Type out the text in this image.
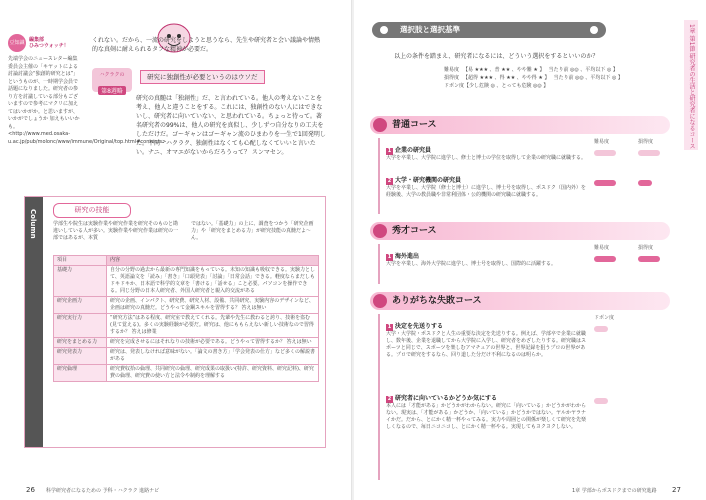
豆知識 編集部
ひみつウォッチ！
先端学会のニュースレター編集委員会主催の「キヤットによる討論討議会“独創的研究とは”」というものが、一時期学会員で話題になりました。研究者の参り方を討議している部分もございますので参考にマクリに加えてはいかがか。と思いますが、いかがでしょうか 加えもいいかも。<http://www.med.osaka-u.ac.jp/pub/molonc/www/immune/Original/top.html#contents>
くれない。だから、一流の研究をしようと思うなら、先生や研究者と会い議論や情熱的な真剣に耐えられるタフな精神が必要だ。
ハクラクの
第8週略
研究に独創性が必要というのはウソだ
研究の真髄は「独創性」だ、と言われている。他人の考えないことを考え、他人と違うことをする。これには、独創性のない人にはできないし、研究者に向いていない、と思われている。ちょっと待って。著名研究者の99%は、他人の研究を真似し、少しずつ自分なりの工夫をしただけだ。ゴーギャンはゴーギャン流のひまわりを一生で1回発明した。不同・ハクラク、独創性はなくても心配しなくていいと言いたい。ナニ、オマエがないからだろうって？ スンマセン。
Column	研究の技能
学部生や院生は実験作業や研究作業を研究そのものと勘違いしている人が多い。実験作業や研究作業は研究の一部ではあるが、本質
ではない。「基礎力」の上に、調査をつかう「研究企画力」や「研究をまとめる力」が研究技能の真髄だよ〜ん。
項目	内容
基礎力	自分の分野の過去から最新の専門知識をもっている。未知の知識も吸収できる。実験力として、英語論文を「読み」「書き」「口頭発表」「討論」「日常会話」できる。軽度ならまだしもドキドキか、日本語で科学的文章を「書ける」「話せる」こと必要。パソコンを操作できる。同じ分野の日本人研究者、外国人研究者と親入的交流がある
研究企画力	研究の企画、インパクト、研究費、研究人材、設備、共同研究、実験内容のデザインなど、企画は研究の真髄だ。どうやって金鋼スキルを習得する？ 答えは無い
研究実行力	“研究方法”はある程度、研究室で教えてくれる。先輩や先生に教わると誇り、技術を盗む(見て覚える)。多くの実験経験が必要だ。研究は、他にももらえない新しい技術なので習得するか？ 答えは修業
研究をまとめる力	研究を完成させるにはそれなりの技術が必要である。どうやって習得するか？ 答えは無い
研究発表力	研究は、発表しなければ意味がない。「論文の書き方」「学会発表の仕方」など多くの解説書がある
研究倫理	研究費収拾の倫理、共同研究の倫理、研究成果の取扱い(特許、研究資料、研究記料)、研究費の倫理、研究費の使い方と法令や制約を理解する
26 科学研究者になるための 予科・ハクラク 進路ナビ
選択肢と選択基準
以上の条件を踏まえ、研究者になるには、どういう選択をするといいのか？
難易度 【易 ★★★ 、普 ★★ 、やや難 ★ 】 当たり前 ◎◎ 、平均以下 ◎ 】
損得度 【超得 ★★★ 、得 ★★ 、やや得 ★ 】 当たり前 ◎◎ 、平均以下 ◎ 】
ドボン度【少し危険 ◎ 、とっても危険 ◎◎ 】
普通コース
難易度	損得度
1 企業の研究員
大学を卒業し、大学院に進学し、修士と博士の学位を取得して企業の研究職に就職する。
2 大学・研究機関の研究員
大学を卒業し、大学院（修士と博士）に進学し、博士号を取得し、ポスドク（国内外）を経験後、大学の教員職や非常利団体・公的機関の研究職に就職する。
秀才コース
難易度	損得度
1 海外進出
大学を卒業し、海外大学院に進学し、博士号を取得し、国際的に活躍する。
ありがちな失敗コース
ドボン度
1 決定を先送りする
大学・大学院・ポスドクと人生の重要な決定を先送りする。例えば、学部卒で企業に就職し、数年後、企業を退職してから大学院に入学し、研究者をめざしたりする。研究職はスポーツと同じで、スポーツを楽しむアマチュアの世界と、世界記録を狙うプロの世界がある。プロで研究をするなら、回り道した分だけ不利になるのは明らか。
2 研究者に向いているかどうか気にする
本人には「才能がある」かどうかがわからない。研究に「向いている」かどうかがわからない。現実は、「才能がある」かどうか、「向いている」かどうかではない。ヤルかヤラナイかだ。だから、とにかく精一杯やってみる。実力や周囲との関係が楽しくて研究を先楽しくなるので、毎日ニコニコし、とにかく精一杯やる。実現してもヨクヨクしない。
1章 第1節 研究者の生活と研究者になるコース
1章 学部からポスドクまでの研究進路 27
